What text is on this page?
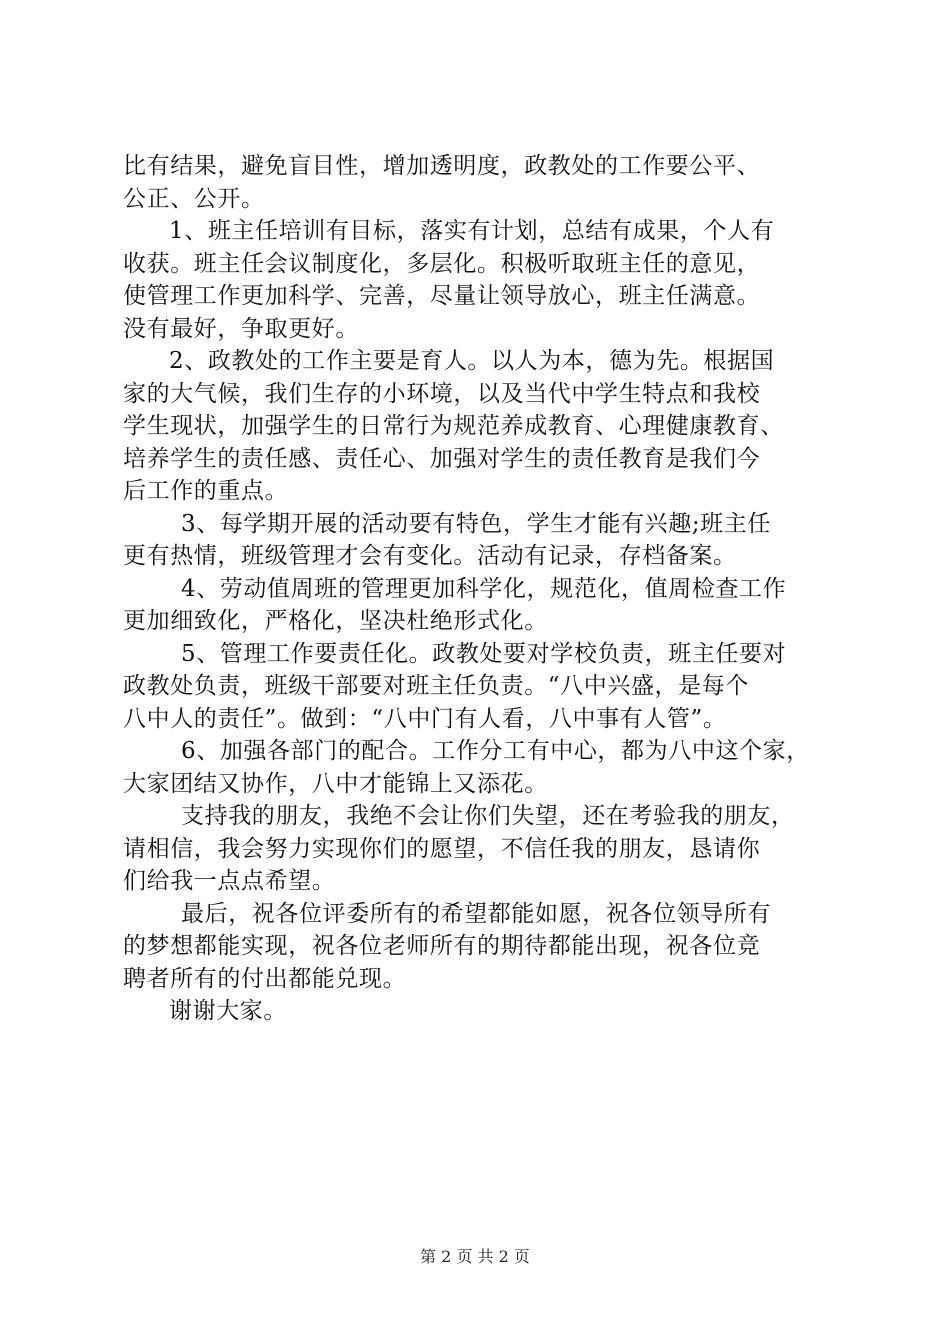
比有结果，避免盲目性，增加透明度，政教处的工作要公平、
公正、公开。
1、班主任培训有目标，落实有计划，总结有成果，个人有
收获。班主任会议制度化，多层化。积极听取班主任的意见，
使管理工作更加科学、完善，尽量让领导放心，班主任满意。
没有最好，争取更好。
2、政教处的工作主要是育人。以人为本，德为先。根据国
家的大气候，我们生存的小环境，以及当代中学生特点和我校
学生现状，加强学生的日常行为规范养成教育、心理健康教育、
培养学生的责任感、责任心、加强对学生的责任教育是我们今
后工作的重点。
3、每学期开展的活动要有特色，学生才能有兴趣;班主任
更有热情，班级管理才会有变化。活动有记录，存档备案。
4、劳动值周班的管理更加科学化，规范化，值周检查工作
更加细致化，严格化，坚决杜绝形式化。
5、管理工作要责任化。政教处要对学校负责，班主任要对
政教处负责，班级干部要对班主任负责。“八中兴盛，是每个
八中人的责任”。做到：“八中门有人看，八中事有人管”。
6、加强各部门的配合。工作分工有中心，都为八中这个家，
大家团结又协作，八中才能锦上又添花。
支持我的朋友，我绝不会让你们失望，还在考验我的朋友，
请相信，我会努力实现你们的愿望，不信任我的朋友，恳请你
们给我一点点希望。
最后，祝各位评委所有的希望都能如愿，祝各位领导所有
的梦想都能实现，祝各位老师所有的期待都能出现，祝各位竞
聘者所有的付出都能兑现。
谢谢大家。
第 2 页 共 2 页
